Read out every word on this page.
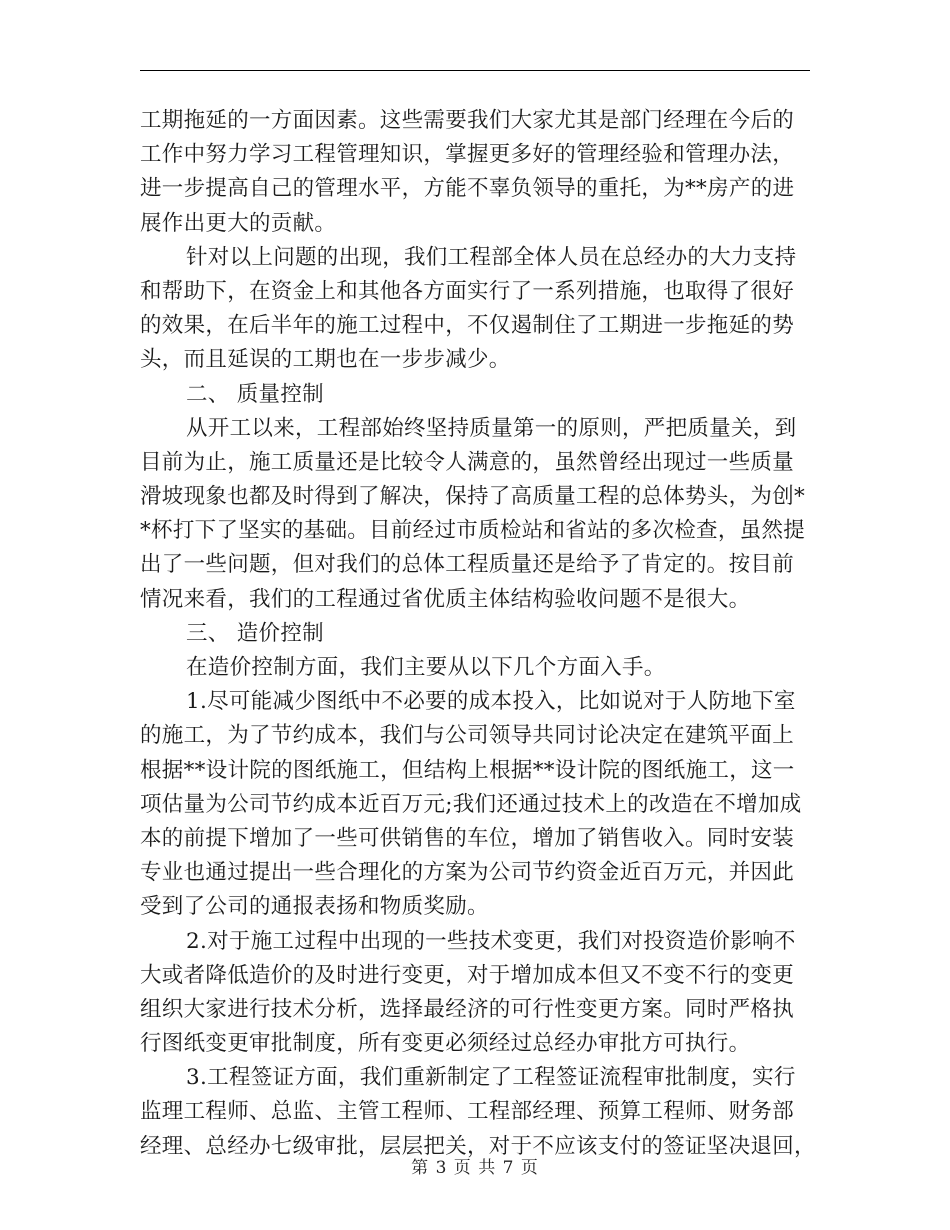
工期拖延的一方面因素。这些需要我们大家尤其是部门经理在今后的
工作中努力学习工程管理知识，掌握更多好的管理经验和管理办法，
进一步提高自己的管理水平，方能不辜负领导的重托，为**房产的进
展作出更大的贡献。
针对以上问题的出现，我们工程部全体人员在总经办的大力支持
和帮助下，在资金上和其他各方面实行了一系列措施，也取得了很好
的效果，在后半年的施工过程中，不仅遏制住了工期进一步拖延的势
头，而且延误的工期也在一步步减少。
二、 质量控制
从开工以来，工程部始终坚持质量第一的原则，严把质量关，到
目前为止，施工质量还是比较令人满意的，虽然曾经出现过一些质量
滑坡现象也都及时得到了解决，保持了高质量工程的总体势头，为创*
*杯打下了坚实的基础。目前经过市质检站和省站的多次检查，虽然提
出了一些问题，但对我们的总体工程质量还是给予了肯定的。按目前
情况来看，我们的工程通过省优质主体结构验收问题不是很大。
三、 造价控制
在造价控制方面，我们主要从以下几个方面入手。
1.尽可能减少图纸中不必要的成本投入，比如说对于人防地下室
的施工，为了节约成本，我们与公司领导共同讨论决定在建筑平面上
根据**设计院的图纸施工，但结构上根据**设计院的图纸施工，这一
项估量为公司节约成本近百万元;我们还通过技术上的改造在不增加成
本的前提下增加了一些可供销售的车位，增加了销售收入。同时安装
专业也通过提出一些合理化的方案为公司节约资金近百万元，并因此
受到了公司的通报表扬和物质奖励。
2.对于施工过程中出现的一些技术变更，我们对投资造价影响不
大或者降低造价的及时进行变更，对于增加成本但又不变不行的变更
组织大家进行技术分析，选择最经济的可行性变更方案。同时严格执
行图纸变更审批制度，所有变更必须经过总经办审批方可执行。
3.工程签证方面，我们重新制定了工程签证流程审批制度，实行
监理工程师、总监、主管工程师、工程部经理、预算工程师、财务部
经理、总经办七级审批，层层把关，对于不应该支付的签证坚决退回，
第 3 页 共 7 页
